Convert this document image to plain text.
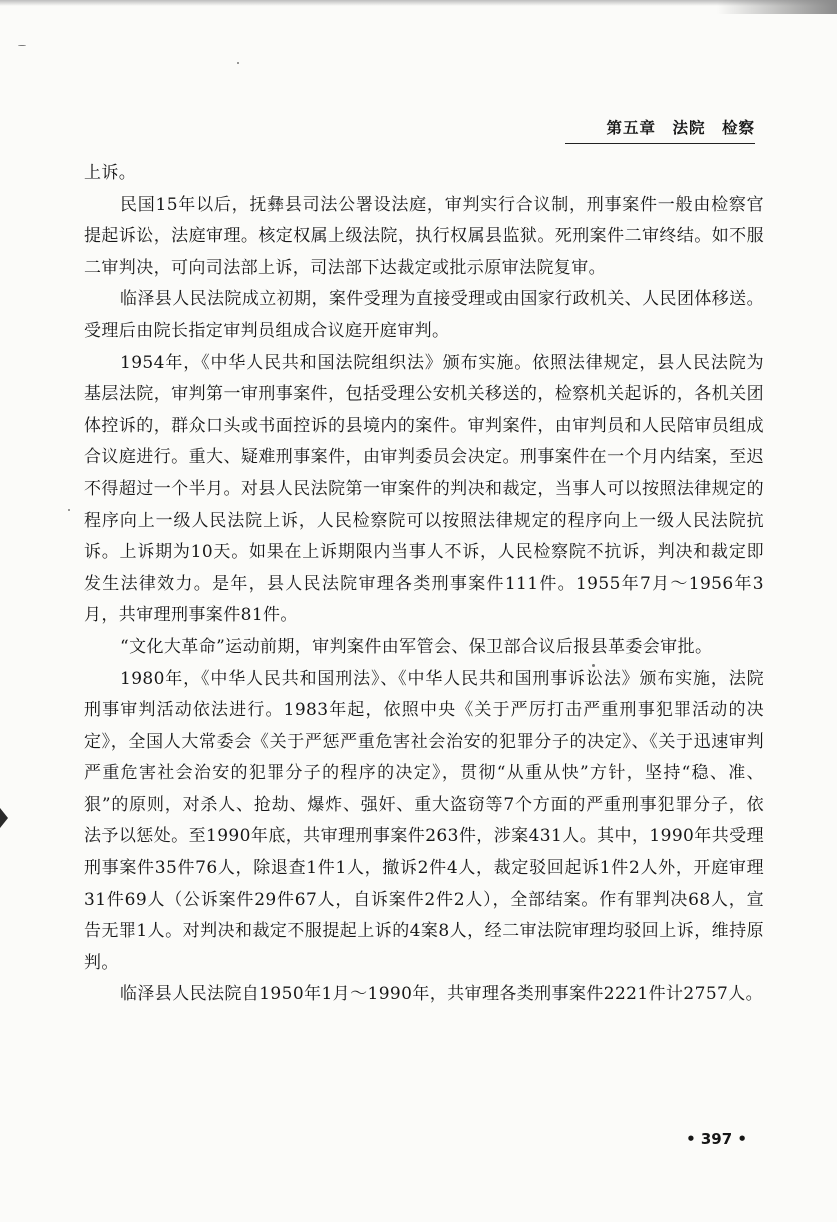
第五章　法院　检察

上诉。

民国15年以后，抚彝县司法公署设法庭，审判实行合议制，刑事案件一般由检察官提起诉讼，法庭审理。核定权属上级法院，执行权属县监狱。死刑案件二审终结。如不服二审判决，可向司法部上诉，司法部下达裁定或批示原审法院复审。

临泽县人民法院成立初期，案件受理为直接受理或由国家行政机关、人民团体移送。受理后由院长指定审判员组成合议庭开庭审判。

1954年，《中华人民共和国法院组织法》颁布实施。依照法律规定，县人民法院为基层法院，审判第一审刑事案件，包括受理公安机关移送的，检察机关起诉的，各机关团体控诉的，群众口头或书面控诉的县境内的案件。审判案件，由审判员和人民陪审员组成合议庭进行。重大、疑难刑事案件，由审判委员会决定。刑事案件在一个月内结案，至迟不得超过一个半月。对县人民法院第一审案件的判决和裁定，当事人可以按照法律规定的程序向上一级人民法院上诉，人民检察院可以按照法律规定的程序向上一级人民法院抗诉。上诉期为10天。如果在上诉期限内当事人不诉，人民检察院不抗诉，判决和裁定即发生法律效力。是年，县人民法院审理各类刑事案件111件。1955年7月～1956年3月，共审理刑事案件81件。

“文化大革命”运动前期，审判案件由军管会、保卫部合议后报县革委会审批。

1980年，《中华人民共和国刑法》、《中华人民共和国刑事诉讼法》颁布实施，法院刑事审判活动依法进行。1983年起，依照中央《关于严厉打击严重刑事犯罪活动的决定》，全国人大常委会《关于严惩严重危害社会治安的犯罪分子的决定》、《关于迅速审判严重危害社会治安的犯罪分子的程序的决定》，贯彻“从重从快”方针，坚持“稳、准、狠”的原则，对杀人、抢劫、爆炸、强奸、重大盗窃等7个方面的严重刑事犯罪分子，依法予以惩处。至1990年底，共审理刑事案件263件，涉案431人。其中，1990年共受理刑事案件35件76人，除退查1件1人，撤诉2件4人，裁定驳回起诉1件2人外，开庭审理31件69人（公诉案件29件67人，自诉案件2件2人），全部结案。作有罪判决68人，宣告无罪1人。对判决和裁定不服提起上诉的4案8人，经二审法院审理均驳回上诉，维持原判。

临泽县人民法院自1950年1月～1990年，共审理各类刑事案件2221件计2757人。

• 397 •
